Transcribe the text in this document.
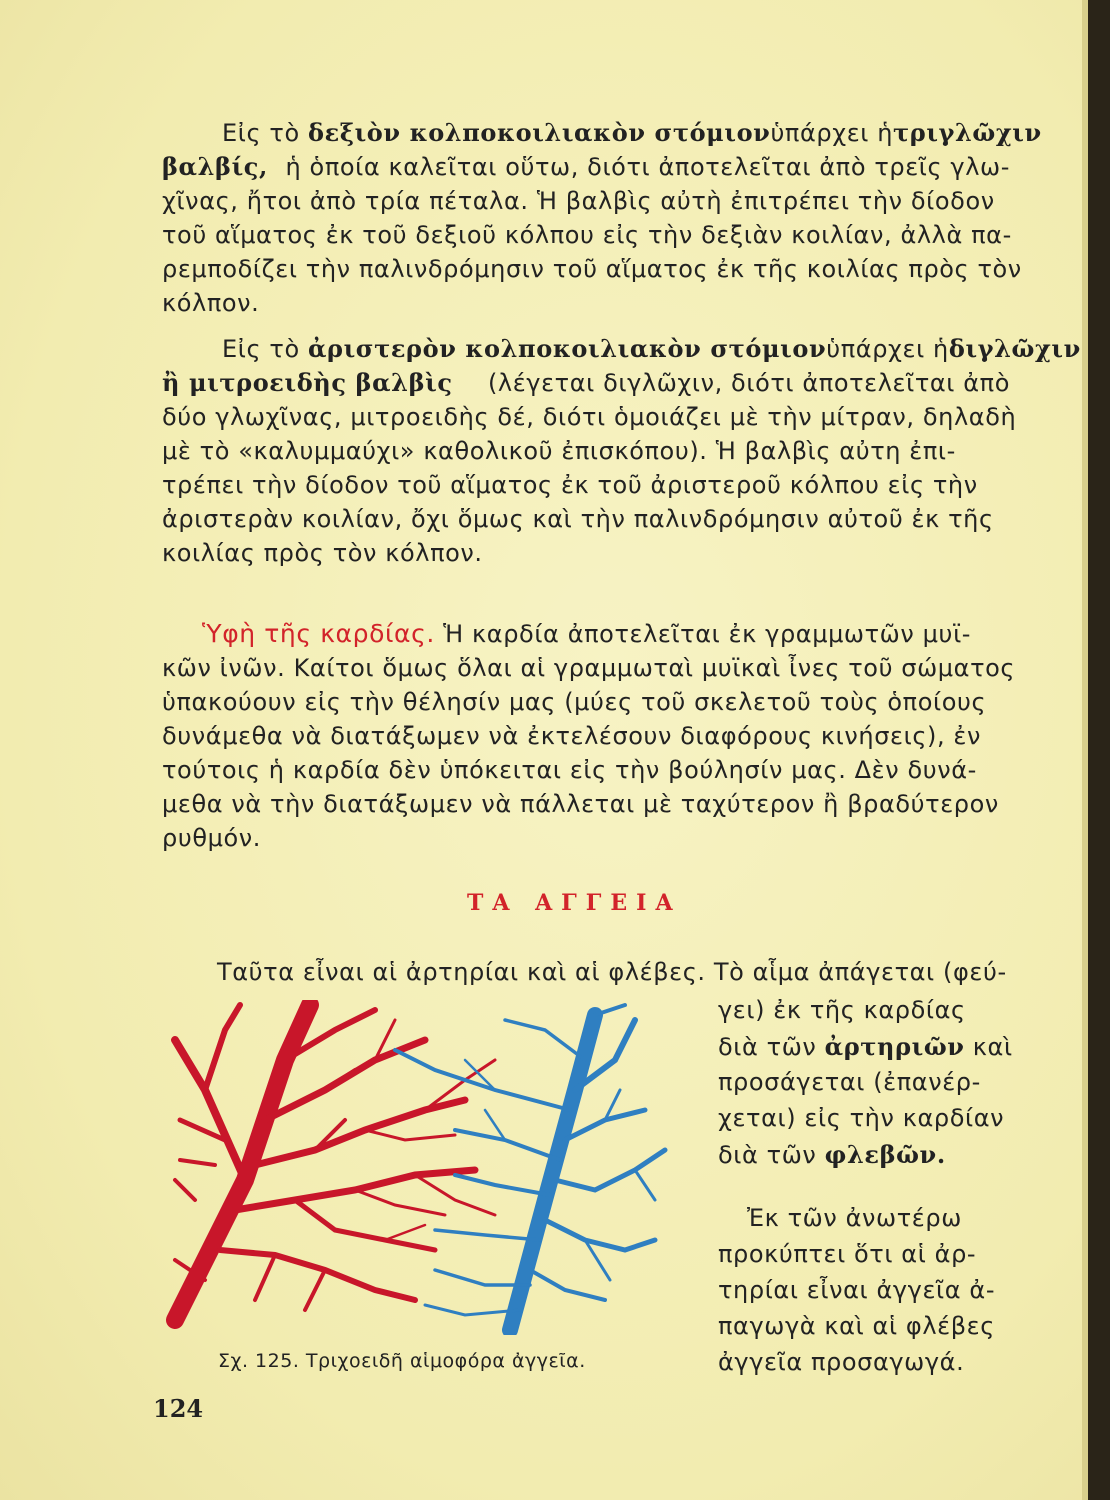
Εἰς τὸ δεξιὸν κολποκοιλιακὸν στόμιον ὑπάρχει ἡ τριγλῶχιν
βαλβίς, ἡ ὁποία καλεῖται οὕτω, διότι ἀποτελεῖται ἀπὸ τρεῖς γλω-
χῖνας, ἤτοι ἀπὸ τρία πέταλα. Ἡ βαλβὶς αὐτὴ ἐπιτρέπει τὴν δίοδον
τοῦ αἵματος ἐκ τοῦ δεξιοῦ κόλπου εἰς τὴν δεξιὰν κοιλίαν, ἀλλὰ πα-
ρεμποδίζει τὴν παλινδρόμησιν τοῦ αἵματος ἐκ τῆς κοιλίας πρὸς τὸν
κόλπον.
Εἰς τὸ ἀριστερὸν κολποκοιλιακὸν στόμιον ὑπάρχει ἡ διγλῶχιν
ἢ μιτροειδὴς βαλβὶς (λέγεται διγλῶχιν, διότι ἀποτελεῖται ἀπὸ
δύο γλωχῖνας, μιτροειδὴς δέ, διότι ὁμοιάζει μὲ τὴν μίτραν, δηλαδὴ
μὲ τὸ «καλυμμαύχι» καθολικοῦ ἐπισκόπου). Ἡ βαλβὶς αὐτη ἐπι-
τρέπει τὴν δίοδον τοῦ αἵματος ἐκ τοῦ ἀριστεροῦ κόλπου εἰς τὴν
ἀριστερὰν κοιλίαν, ὄχι ὅμως καὶ τὴν παλινδρόμησιν αὐτοῦ ἐκ τῆς
κοιλίας πρὸς τὸν κόλπον.
Ὑφὴ τῆς καρδίας. Ἡ καρδία ἀποτελεῖται ἐκ γραμμωτῶν μυϊ-
κῶν ἰνῶν. Καίτοι ὅμως ὅλαι αἱ γραμμωταὶ μυϊκαὶ ἶνες τοῦ σώματος
ὑπακούουν εἰς τὴν θέλησίν μας (μύες τοῦ σκελετοῦ τοὺς ὁποίους
δυνάμεθα νὰ διατάξωμεν νὰ ἐκτελέσουν διαφόρους κινήσεις), ἐν
τούτοις ἡ καρδία δὲν ὑπόκειται εἰς τὴν βούλησίν μας. Δὲν δυνά-
μεθα νὰ τὴν διατάξωμεν νὰ πάλλεται μὲ ταχύτερον ἢ βραδύτερον
ρυθμόν.
ΤΑ ΑΓΓΕΙΑ
Ταῦτα εἶναι αἱ ἀρτηρίαι καὶ αἱ φλέβες. Τὸ αἷμα ἀπάγεται (φεύ-
γει) ἐκ τῆς καρδίας
διὰ τῶν ἀρτηριῶν καὶ
προσάγεται (ἐπανέρ-
χεται) εἰς τὴν καρδίαν
διὰ τῶν φλεβῶν.
Ἐκ τῶν ἀνωτέρω
προκύπτει ὅτι αἱ ἀρ-
τηρίαι εἶναι ἀγγεῖα ἀ-
παγωγὰ καὶ αἱ φλέβες
ἀγγεῖα προσαγωγά.
Σχ. 125. Τριχοειδῆ αἱμοφόρα ἀγγεῖα.
124
